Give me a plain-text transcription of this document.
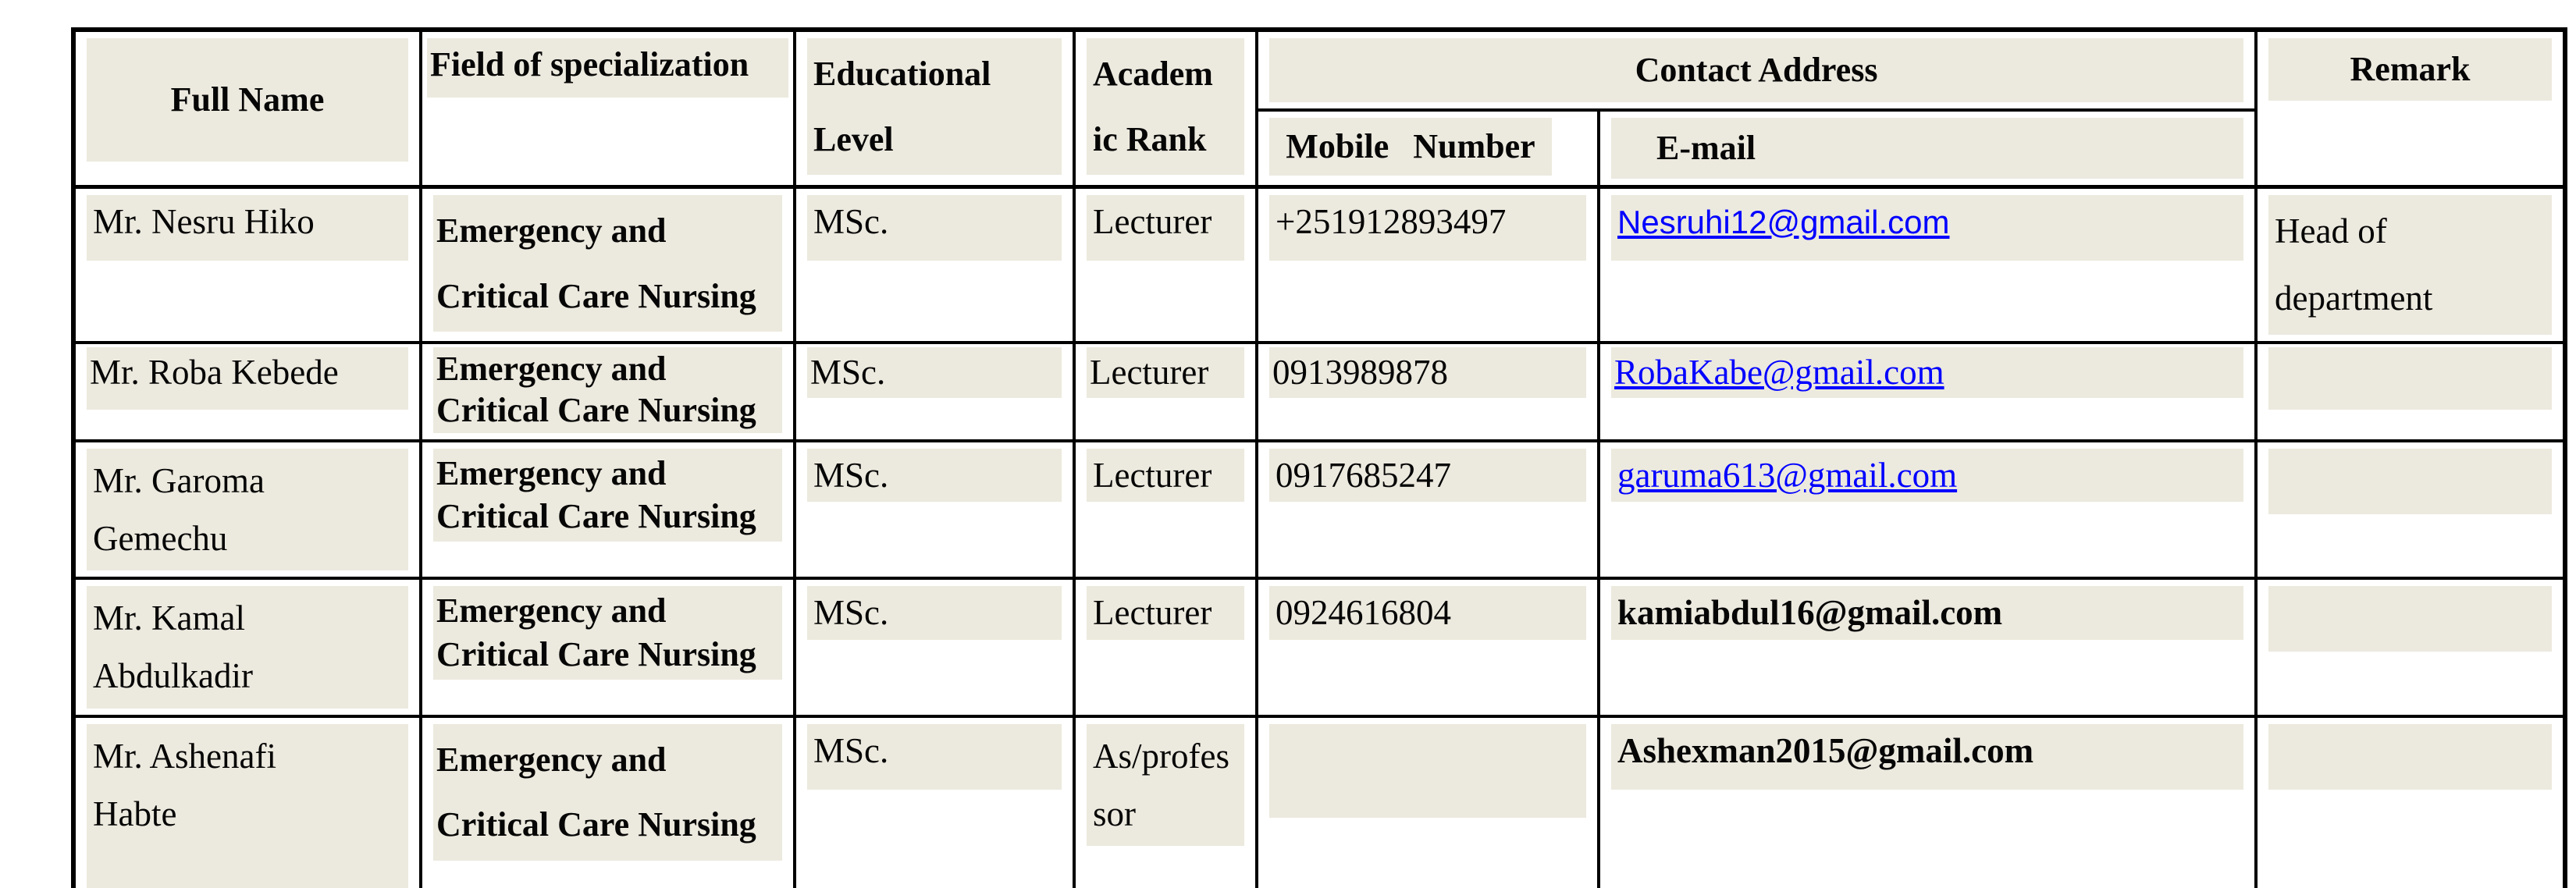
Full Name	Field of specialization	Educational Level	Academic Rank	Contact Address		Remark

				Mobile Number	E-mail	

Mr. Nesru Hiko	Emergency and Critical Care Nursing	MSc.	Lecturer	+251912893497	Nesruhi12@gmail.com	Head of department

Mr. Roba Kebede	Emergency and Critical Care Nursing	MSc.	Lecturer	0913989878	RobaKabe@gmail.com	

Mr. Garoma Gemechu	Emergency and Critical Care Nursing	MSc.	Lecturer	0917685247	garuma613@gmail.com	

Mr. Kamal Abdulkadir	Emergency and Critical Care Nursing	MSc.	Lecturer	0924616804	kamiabdul16@gmail.com	

Mr. Ashenafi Habte	Emergency and Critical Care Nursing	MSc.	As/professor		Ashexman2015@gmail.com	
